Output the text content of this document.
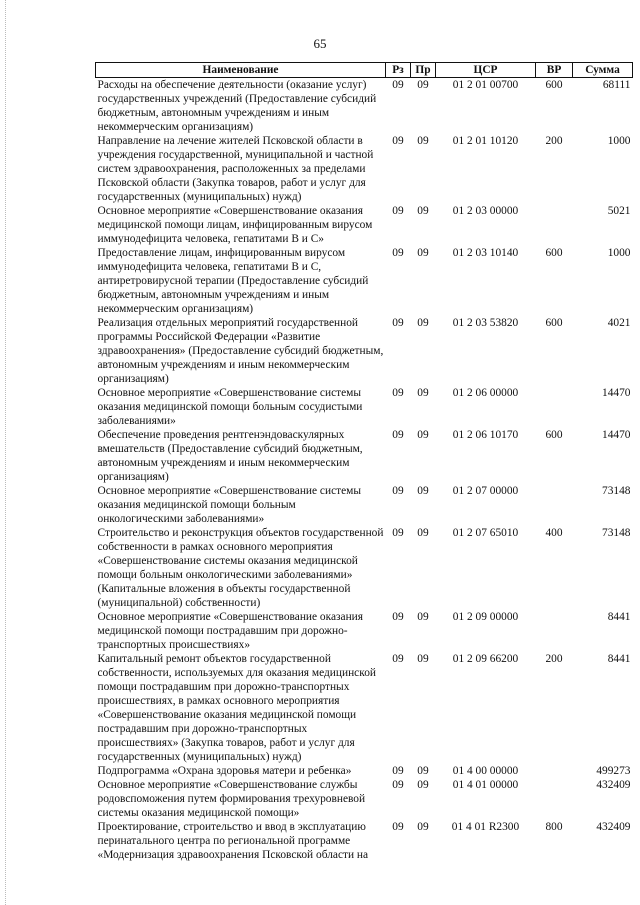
65
Наименование	Рз	Пр	ЦСР	ВР	Сумма
Расходы на обеспечение деятельности (оказание услуг) государственных учреждений (Предоставление субсидий бюджетным, автономным учреждениям и иным некоммерческим организациям)	09	09	01 2 01 00700	600	68111
Направление на лечение жителей Псковской области в учреждения государственной, муниципальной и частной систем здравоохранения, расположенных за пределами Псковской области (Закупка товаров, работ и услуг для государственных (муниципальных) нужд)	09	09	01 2 01 10120	200	1000
Основное мероприятие «Совершенствование оказания медицинской помощи лицам, инфицированным вирусом иммунодефицита человека, гепатитами В и С»	09	09	01 2 03 00000		5021
Предоставление лицам, инфицированным вирусом иммунодефицита человека, гепатитами В и С, антиретровирусной терапии (Предоставление субсидий бюджетным, автономным учреждениям и иным некоммерческим организациям)	09	09	01 2 03 10140	600	1000
Реализация отдельных мероприятий государственной программы Российской Федерации «Развитие здравоохранения» (Предоставление субсидий бюджетным, автономным учреждениям и иным некоммерческим организациям)	09	09	01 2 03 53820	600	4021
Основное мероприятие «Совершенствование системы оказания медицинской помощи больным сосудистыми заболеваниями»	09	09	01 2 06 00000		14470
Обеспечение проведения рентгенэндоваскулярных вмешательств (Предоставление субсидий бюджетным, автономным учреждениям и иным некоммерческим организациям)	09	09	01 2 06 10170	600	14470
Основное мероприятие «Совершенствование системы оказания медицинской помощи больным онкологическими заболеваниями»	09	09	01 2 07 00000		73148
Строительство и реконструкция объектов государственной собственности в рамках основного мероприятия «Совершенствование системы оказания медицинской помощи больным онкологическими заболеваниями» (Капитальные вложения в объекты государственной (муниципальной) собственности)	09	09	01 2 07 65010	400	73148
Основное мероприятие «Совершенствование оказания медицинской помощи пострадавшим при дорожно-транспортных происшествиях»	09	09	01 2 09 00000		8441
Капитальный ремонт объектов государственной собственности, используемых для оказания медицинской помощи пострадавшим при дорожно-транспортных происшествиях, в рамках основного мероприятия «Совершенствование оказания медицинской помощи пострадавшим при дорожно-транспортных происшествиях» (Закупка товаров, работ и услуг для государственных (муниципальных) нужд)	09	09	01 2 09 66200	200	8441
Подпрограмма «Охрана здоровья матери и ребенка»	09	09	01 4 00 00000		499273
Основное мероприятие «Совершенствование службы родовспоможения путем формирования трехуровневой системы оказания медицинской помощи»	09	09	01 4 01 00000		432409
Проектирование, строительство и ввод в эксплуатацию перинатального центра по региональной программе «Модернизация здравоохранения Псковской области на	09	09	01 4 01 R2300	800	432409
